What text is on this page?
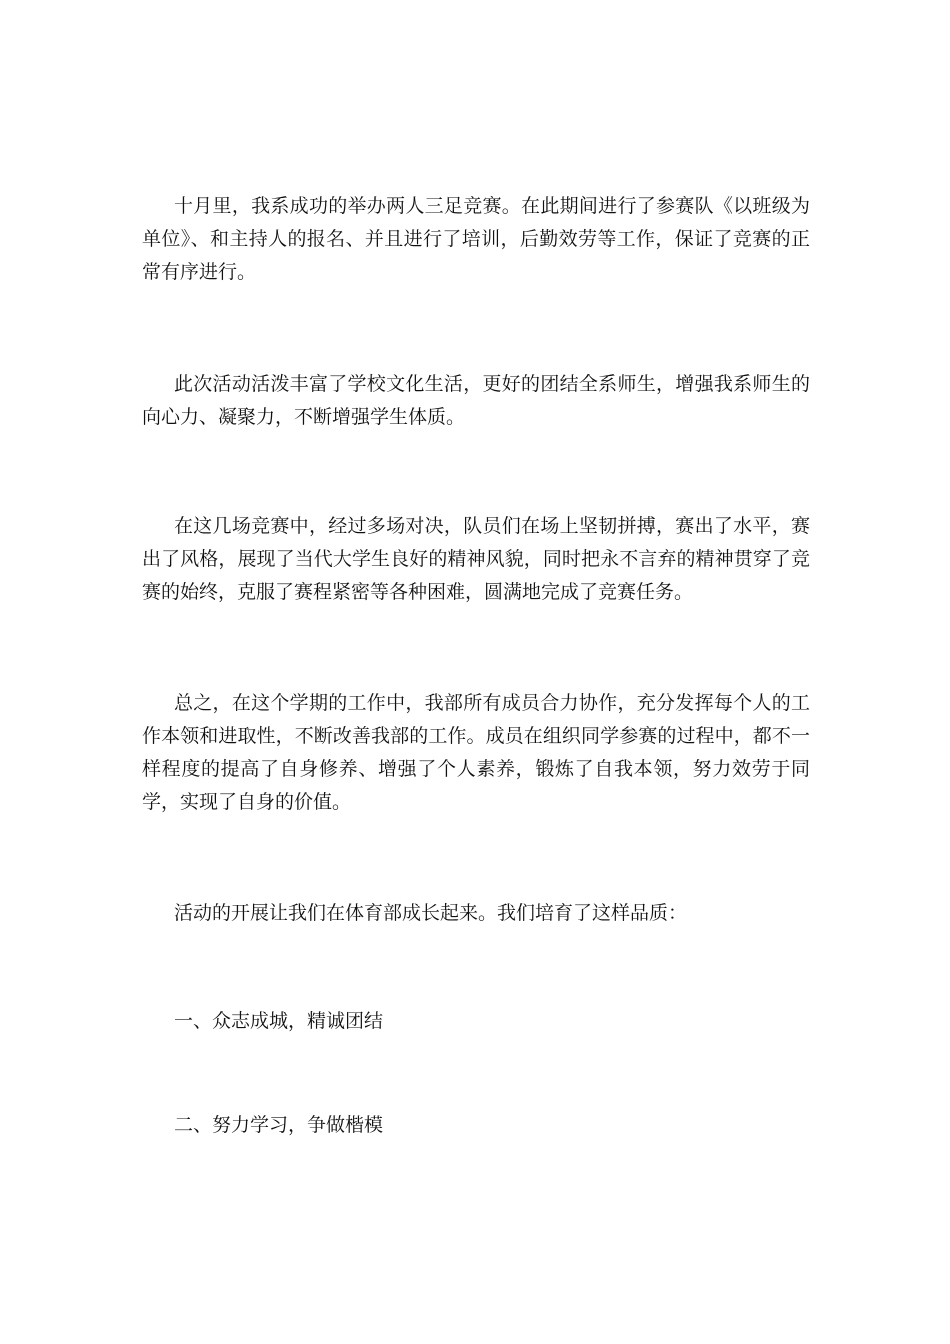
十月里，我系成功的举办两人三足竞赛。在此期间进行了参赛队《以班级为单位》、和主持人的报名、并且进行了培训，后勤效劳等工作，保证了竞赛的正常有序进行。

此次活动活泼丰富了学校文化生活，更好的团结全系师生，增强我系师生的向心力、凝聚力，不断增强学生体质。

在这几场竞赛中，经过多场对决，队员们在场上坚韧拼搏，赛出了水平，赛出了风格，展现了当代大学生良好的精神风貌，同时把永不言弃的精神贯穿了竞赛的始终，克服了赛程紧密等各种困难，圆满地完成了竞赛任务。

总之，在这个学期的工作中，我部所有成员合力协作，充分发挥每个人的工作本领和进取性，不断改善我部的工作。成员在组织同学参赛的过程中，都不一样程度的提高了自身修养、增强了个人素养，锻炼了自我本领，努力效劳于同学，实现了自身的价值。

活动的开展让我们在体育部成长起来。我们培育了这样品质：

一、众志成城，精诚团结

二、努力学习，争做楷模
